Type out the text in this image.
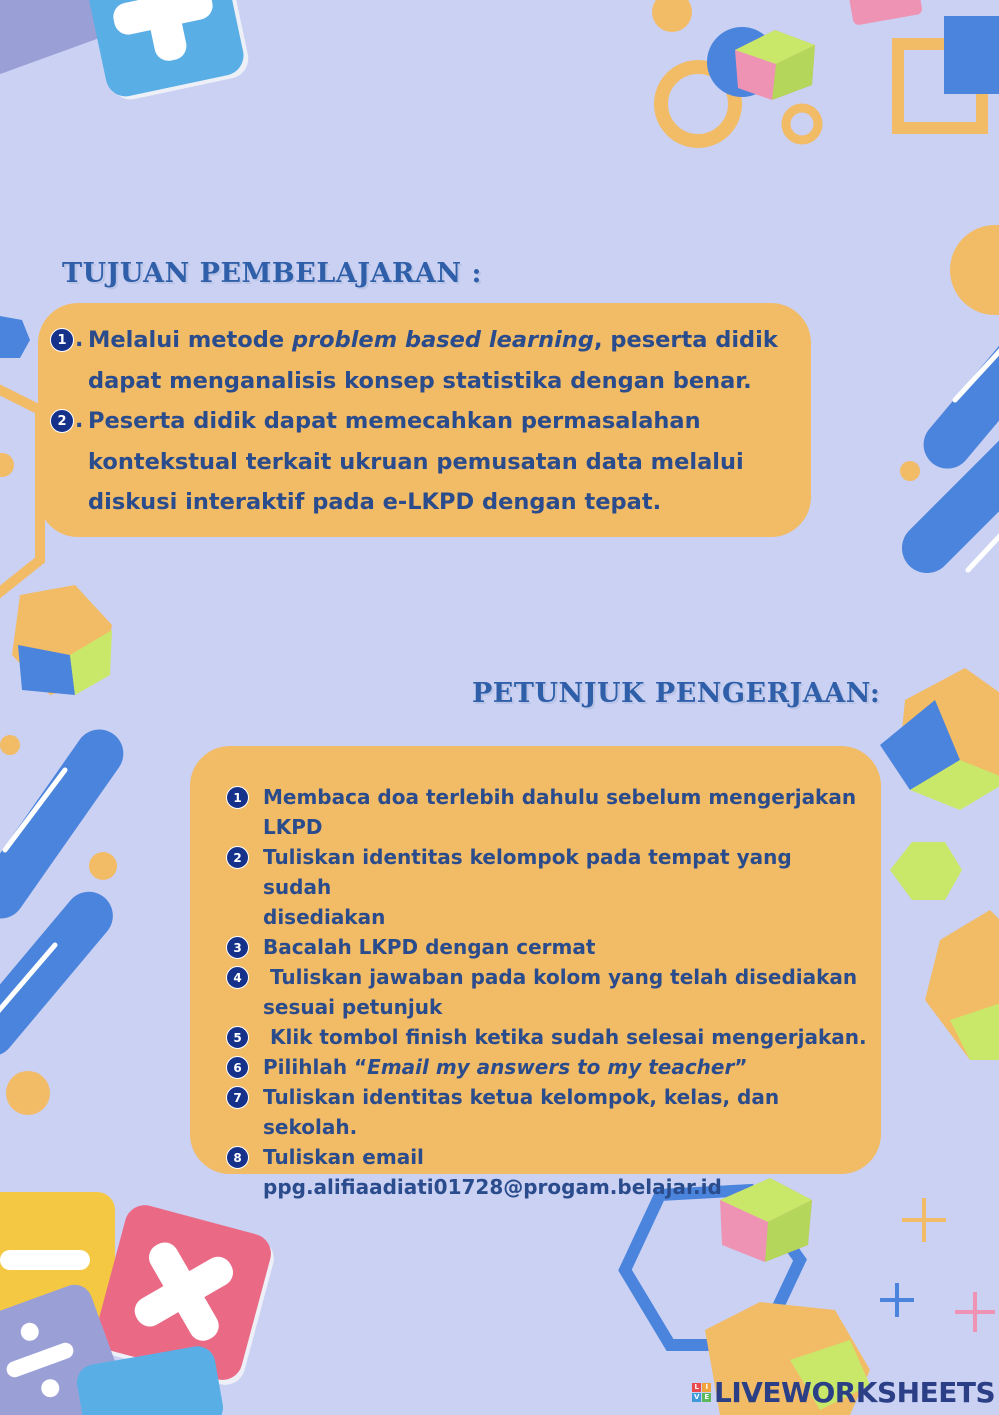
TUJUAN PEMBELAJARAN :

1 . Melalui metode problem based learning, peserta didik

dapat menganalisis konsep statistika dengan benar.

2 . Peserta didik dapat memecahkan permasalahan

kontekstual terkait ukruan pemusatan data melalui

diskusi interaktif pada e-LKPD dengan tepat.

PETUNJUK PENGERJAAN:
1	Membaca doa terlebih dahulu sebelum mengerjakan
LKPD
2	Tuliskan identitas kelompok pada tempat yang sudah
disediakan
3	Bacalah LKPD dengan cermat
4	Tuliskan jawaban pada kolom yang telah disediakan
sesuai petunjuk
5	Klik tombol finish ketika sudah selesai mengerjakan.
6	Pilihlah “Email my answers to my teacher”
7	Tuliskan identitas ketua kelompok, kelas, dan sekolah.
8	Tuliskan email ppg.alifiaadiati01728@progam.belajar.id
L I
V E LIVEWORKSHEETS
